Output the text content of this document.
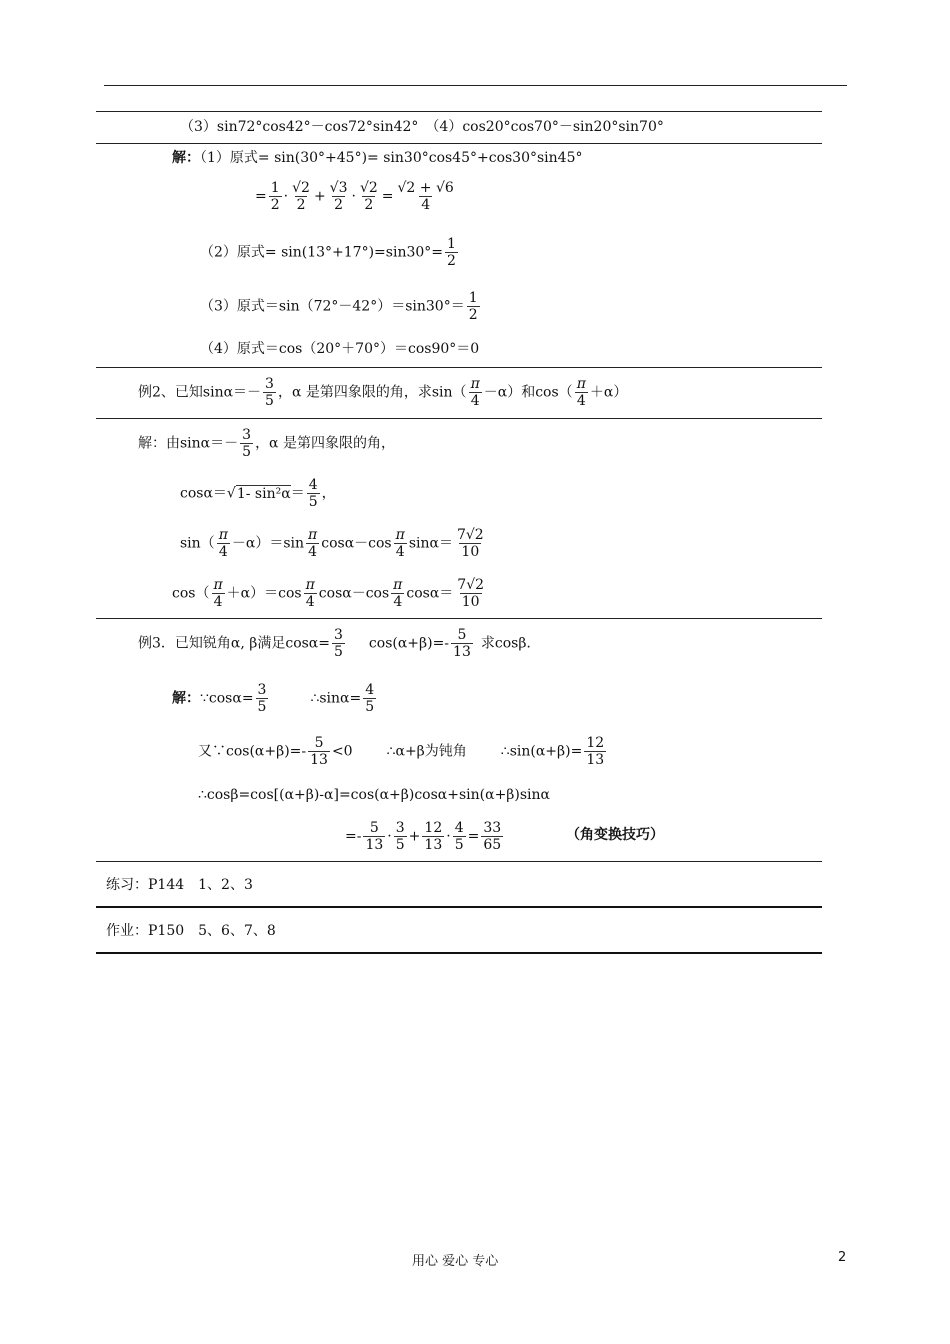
（3）sin72°cos42°－cos72°sin42°　（4）cos20°cos70°－sin20°sin70°
解：（1）原式= sin(30°+45°)= sin30°cos45°+cos30°sin45°
= $\frac{1}{2} \cdot \frac{√2}{2} + \frac{√3}{2} \cdot \frac{√2}{2} = \frac{√2 + √6}{4}$
（2）原式= $\sin(13^\circ+17^\circ)=\sin 30^\circ= \frac{1}{2}$
（3）原式$=\sin(72^\circ-42^\circ)=\sin 30^\circ= \frac{1}{2}$
（4）原式＝cos（20°＋70°）＝cos90°＝0
例2、已知$\sin\alpha=- \frac{3}{5}$ ，α 是第四象限的角，求$\sin( \frac{\pi}{4} -\alpha)$和$\cos( \frac{\pi}{4} +\alpha)$
解：由$\sin\alpha=- \frac{3}{5}$ ，α 是第四象限的角，
cosα＝√1- $\sin^2\alpha= \frac{4}{5}$ ，
$\sin( \frac{\pi}{4} -\alpha)=\sin \frac{\pi}{4} \cos\alpha-\cos \frac{\pi}{4} \sin\alpha= \frac{7√2}{10}$
$\cos( \frac{\pi}{4} +\alpha)=\cos \frac{\pi}{4} \cos\alpha-\cos \frac{\pi}{4} \cos\alpha= \frac{7√2}{10}$
例3．已知锐角α, β满足$\cos\alpha= \frac{3}{5} \cos(\alpha+\beta)=- \frac{5}{13}$ 求cosβ.
解：∵cosα= $\frac{3}{5}$	∴sinα= $\frac{4}{5}$
又∵cos(α+β)=- $\frac{5}{13} <0$ ∴α+β为钝角 ∴sin(α+β)= $\frac{12}{13}$
∴cosβ=cos[(α+β)-α]=cos(α+β)cosα+sin(α+β)sinα
=- $\frac{5}{13} \cdot \frac{3}{5} + \frac{12}{13} \cdot \frac{4}{5} = \frac{33}{65}$	（角变换技巧）
练习：P144　1、2、3
作业：P150　5、6、7、8
用心 爱心 专心	2
